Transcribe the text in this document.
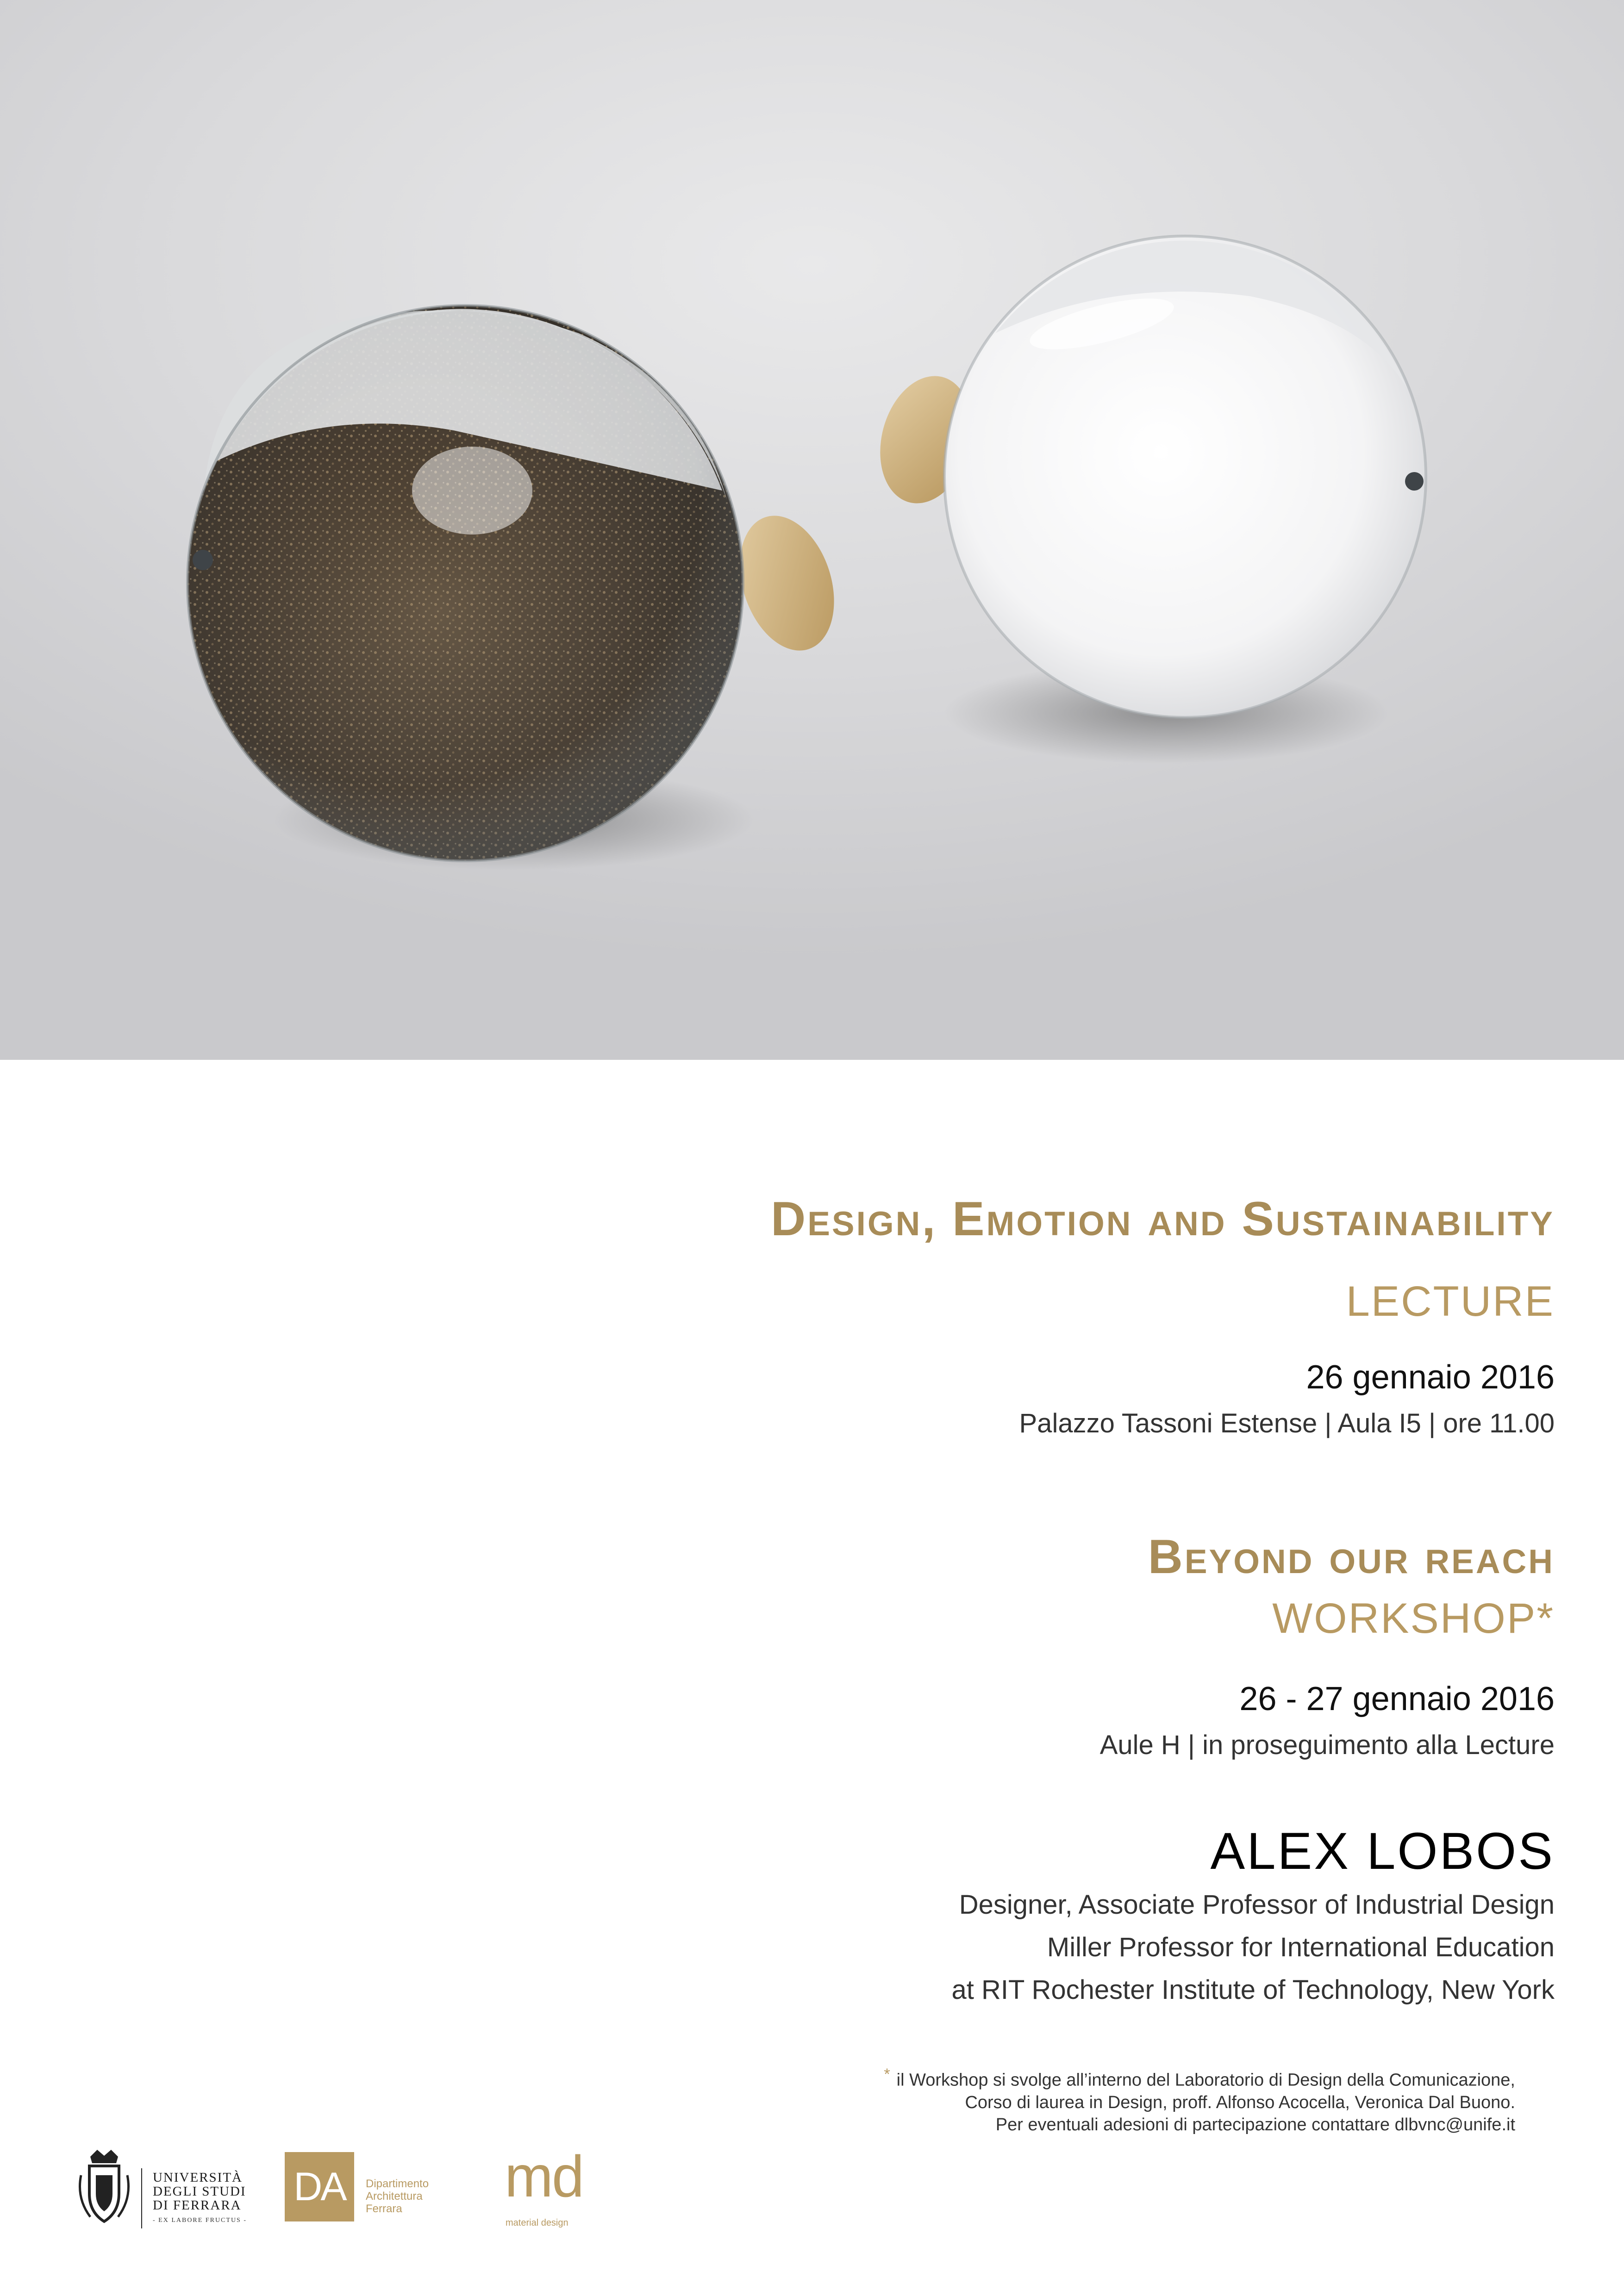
Design, Emotion and Sustainability
LECTURE
26 gennaio 2016
Palazzo Tassoni Estense | Aula I5 | ore 11.00
Beyond our reach
WORKSHOP*
26 - 27 gennaio 2016
Aule H | in proseguimento alla Lecture
ALEX LOBOS
Designer, Associate Professor of Industrial Design
Miller Professor for International Education
at RIT Rochester Institute of Technology, New York
* il Workshop si svolge all’interno del Laboratorio di Design della Comunicazione,
Corso di laurea in Design, proff. Alfonso Acocella, Veronica Dal Buono.
Per eventuali adesioni di partecipazione contattare dlbvnc@unife.it
UNIVERSITÀ
DEGLI STUDI
DI FERRARA
- EX LABORE FRUCTUS -
DA	Dipartimento
Architettura
Ferrara	md
material design
